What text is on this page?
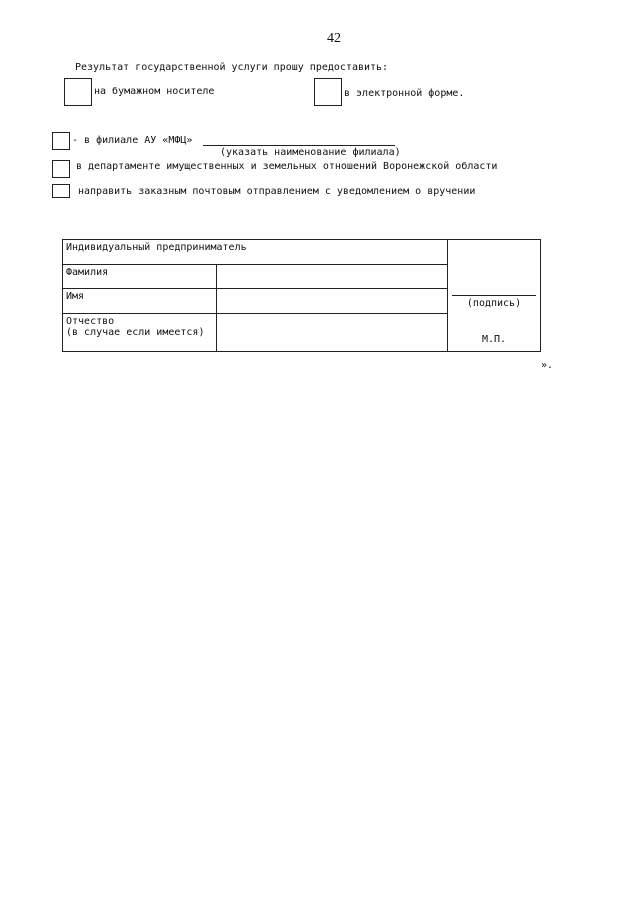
42
Результат государственной услуги прошу предоставить:
на бумажном носителе	в электронной форме.
- в филиале АУ «МФЦ»
(указать наименование филиала)
в департаменте имущественных и земельных отношений Воронежской области
направить заказным почтовым отправлением с уведомлением о вручении
Индивидуальный предприниматель		(подпись)
М.П.

Фамилия		
Имя		
Отчество
(в случае если имеется)		
».
